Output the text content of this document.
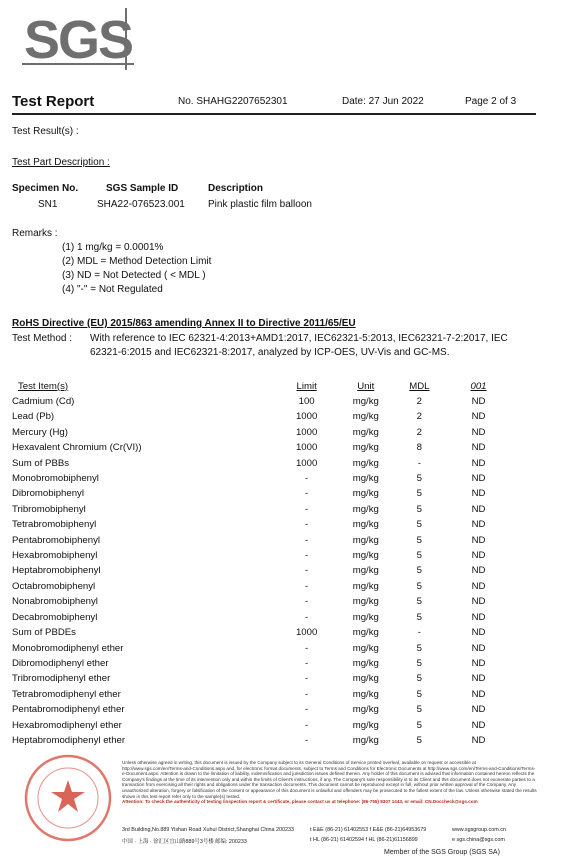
SGS
Test Report	No. SHAHG2207652301	Date: 27 Jun 2022	Page 2 of 3
Test Result(s) :
Test Part Description :
Specimen No.	SGS Sample ID	Description
SN1	SHA22-076523.001 Pink plastic film balloon
Remarks :
(1) 1 mg/kg = 0.0001%
(2) MDL = Method Detection Limit
(3) ND = Not Detected ( < MDL )
(4) "-" = Not Regulated
RoHS Directive (EU) 2015/863 amending Annex II to Directive 2011/65/EU
Test Method : With reference to IEC 62321-4:2013+AMD1:2017, IEC62321-5:2013, IEC62321-7-2:2017, IEC
62321-6:2015 and IEC62321-8:2017, analyzed by ICP-OES, UV-Vis and GC-MS.
Test Item(s)	Limit	Unit	MDL	001
Cadmium (Cd)	100	mg/kg	2	ND
Lead (Pb)	1000	mg/kg	2	ND
Mercury (Hg)	1000	mg/kg	2	ND
Hexavalent Chromium (Cr(VI))	1000	mg/kg	8	ND
Sum of PBBs	1000	mg/kg	-	ND
Monobromobiphenyl	-	mg/kg	5	ND
Dibromobiphenyl	-	mg/kg	5	ND
Tribromobiphenyl	-	mg/kg	5	ND
Tetrabromobiphenyl	-	mg/kg	5	ND
Pentabromobiphenyl	-	mg/kg	5	ND
Hexabromobiphenyl	-	mg/kg	5	ND
Heptabromobiphenyl	-	mg/kg	5	ND
Octabromobiphenyl	-	mg/kg	5	ND
Nonabromobiphenyl	-	mg/kg	5	ND
Decabromobiphenyl	-	mg/kg	5	ND
Sum of PBDEs	1000	mg/kg	-	ND
Monobromodiphenyl ether	-	mg/kg	5	ND
Dibromodiphenyl ether	-	mg/kg	5	ND
Tribromodiphenyl ether	-	mg/kg	5	ND
Tetrabromodiphenyl ether	-	mg/kg	5	ND
Pentabromodiphenyl ether	-	mg/kg	5	ND
Hexabromodiphenyl ether	-	mg/kg	5	ND
Heptabromodiphenyl ether	-	mg/kg	5	ND
Unless otherwise agreed in writing, this document is issued by the Company subject to its General Conditions of Service printed overleaf, available on request or accessible at http://www.sgs.com/en/Terms-and-Conditions.aspx and, for electronic format documents, subject to Terms and Conditions for Electronic Documents at http://www.sgs.com/en/Terms-and-Conditions/Terms-e-Document.aspx. Attention is drawn to the limitation of liability, indemnification and jurisdiction issues defined therein. Any holder of this document is advised that information contained hereon reflects the Company's findings at the time of its intervention only and within the limits of Client's instructions, if any. The Company's sole responsibility is to its Client and this document does not exonerate parties to a transaction from exercising all their rights and obligations under the transaction documents. This document cannot be reproduced except in full, without prior written approval of the Company. Any unauthorized alteration, forgery or falsification of the content or appearance of this document is unlawful and offenders may be prosecuted to the fullest extent of the law. Unless otherwise stated the results shown in this test report refer only to the sample(s) tested.
Attention: To check the authenticity of testing /inspection report & certificate, please contact us at telephone: (86-755) 8307 1443, or email: CN.Doccheck@sgs.com
3rd Building,No.889 Yishan Road Xuhui District,Shanghai China 200233
中国 · 上海 · 徐汇区宜山路889号3号楼 邮编: 200233
t E&E (86-21) 61402553 f E&E (86-21)64953679
t HL (86-21) 61402594 f HL (86-21)61156899
www.sgsgroup.com.cn
e sgs.china@sgs.com
Member of the SGS Group (SGS SA)
